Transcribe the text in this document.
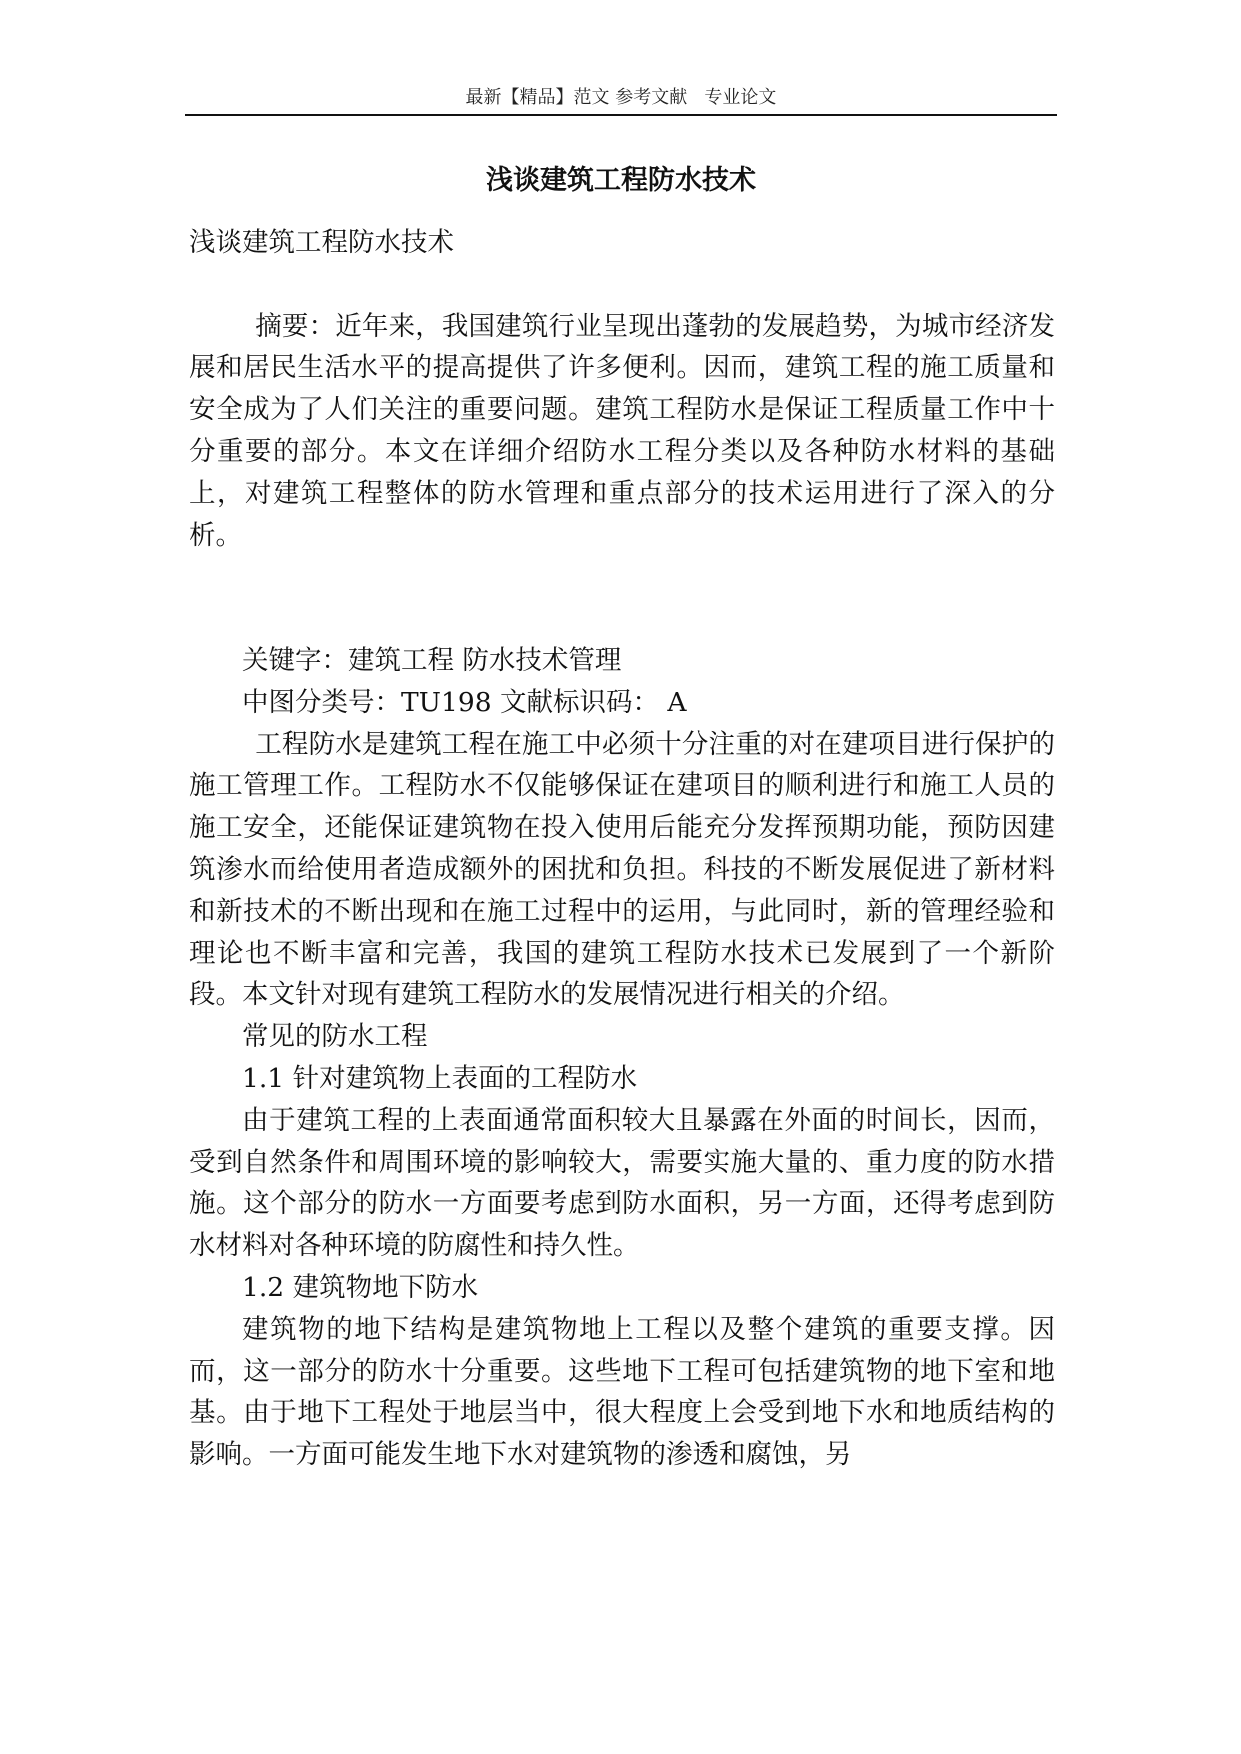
最新【精品】范文 参考文献   专业论文
浅谈建筑工程防水技术

浅谈建筑工程防水技术

摘要：近年来，我国建筑行业呈现出蓬勃的发展趋势，为城市经济发展和居民生活水平的提高提供了许多便利。因而，建筑工程的施工质量和安全成为了人们关注的重要问题。建筑工程防水是保证工程质量工作中十分重要的部分。本文在详细介绍防水工程分类以及各种防水材料的基础上，对建筑工程整体的防水管理和重点部分的技术运用进行了深入的分析。

关键字：建筑工程 防水技术管理

中图分类号：TU198 文献标识码： A

工程防水是建筑工程在施工中必须十分注重的对在建项目进行保护的施工管理工作。工程防水不仅能够保证在建项目的顺利进行和施工人员的施工安全，还能保证建筑物在投入使用后能充分发挥预期功能，预防因建筑渗水而给使用者造成额外的困扰和负担。科技的不断发展促进了新材料和新技术的不断出现和在施工过程中的运用，与此同时，新的管理经验和理论也不断丰富和完善，我国的建筑工程防水技术已发展到了一个新阶段。本文针对现有建筑工程防水的发展情况进行相关的介绍。

常见的防水工程

1.1 针对建筑物上表面的工程防水

由于建筑工程的上表面通常面积较大且暴露在外面的时间长，因而，受到自然条件和周围环境的影响较大，需要实施大量的、重力度的防水措施。这个部分的防水一方面要考虑到防水面积，另一方面，还得考虑到防水材料对各种环境的防腐性和持久性。

1.2 建筑物地下防水

建筑物的地下结构是建筑物地上工程以及整个建筑的重要支撑。因而，这一部分的防水十分重要。这些地下工程可包括建筑物的地下室和地基。由于地下工程处于地层当中，很大程度上会受到地下水和地质结构的影响。一方面可能发生地下水对建筑物的渗透和腐蚀，另
